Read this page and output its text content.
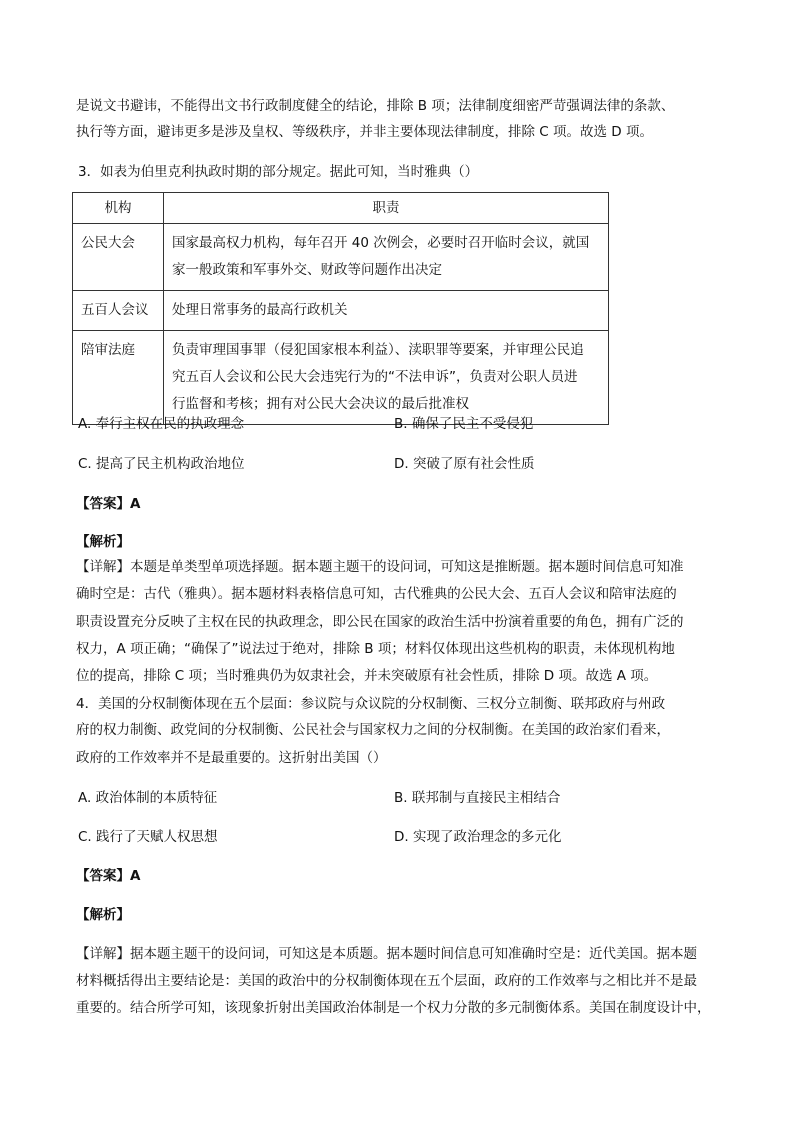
是说文书避讳，不能得出文书行政制度健全的结论，排除 B 项；法律制度细密严苛强调法律的条款、
执行等方面，避讳更多是涉及皇权、等级秩序，并非主要体现法律制度，排除 C 项。故选 D 项。
3．如表为伯里克利执政时期的部分规定。据此可知，当时雅典（）
机构	职责
公民大会	国家最高权力机构，每年召开 40 次例会，必要时召开临时会议，就国
家一般政策和军事外交、财政等问题作出决定

五百人会议	处理日常事务的最高行政机关

陪审法庭	负责审理国事罪（侵犯国家根本利益）、渎职罪等要案，并审理公民追
究五百人会议和公民大会违宪行为的“不法申诉”，负责对公职人员进
行监督和考核；拥有对公民大会决议的最后批准权
A. 奉行主权在民的执政理念	B. 确保了民主不受侵犯
C. 提高了民主机构政治地位	D. 突破了原有社会性质
【答案】A
【解析】
【详解】本题是单类型单项选择题。据本题主题干的设问词，可知这是推断题。据本题时间信息可知准
确时空是：古代（雅典）。据本题材料表格信息可知，古代雅典的公民大会、五百人会议和陪审法庭的
职责设置充分反映了主权在民的执政理念，即公民在国家的政治生活中扮演着重要的角色，拥有广泛的
权力，A 项正确；“确保了”说法过于绝对，排除 B 项；材料仅体现出这些机构的职责，未体现机构地
位的提高，排除 C 项；当时雅典仍为奴隶社会，并未突破原有社会性质，排除 D 项。故选 A 项。
4．美国的分权制衡体现在五个层面：参议院与众议院的分权制衡、三权分立制衡、联邦政府与州政
府的权力制衡、政党间的分权制衡、公民社会与国家权力之间的分权制衡。在美国的政治家们看来，
政府的工作效率并不是最重要的。这折射出美国（）
A. 政治体制的本质特征	B. 联邦制与直接民主相结合
C. 践行了天赋人权思想	D. 实现了政治理念的多元化
【答案】A
【解析】
【详解】据本题主题干的设问词，可知这是本质题。据本题时间信息可知准确时空是：近代美国。据本题
材料概括得出主要结论是：美国的政治中的分权制衡体现在五个层面，政府的工作效率与之相比并不是最
重要的。结合所学可知，该现象折射出美国政治体制是一个权力分散的多元制衡体系。美国在制度设计中，
